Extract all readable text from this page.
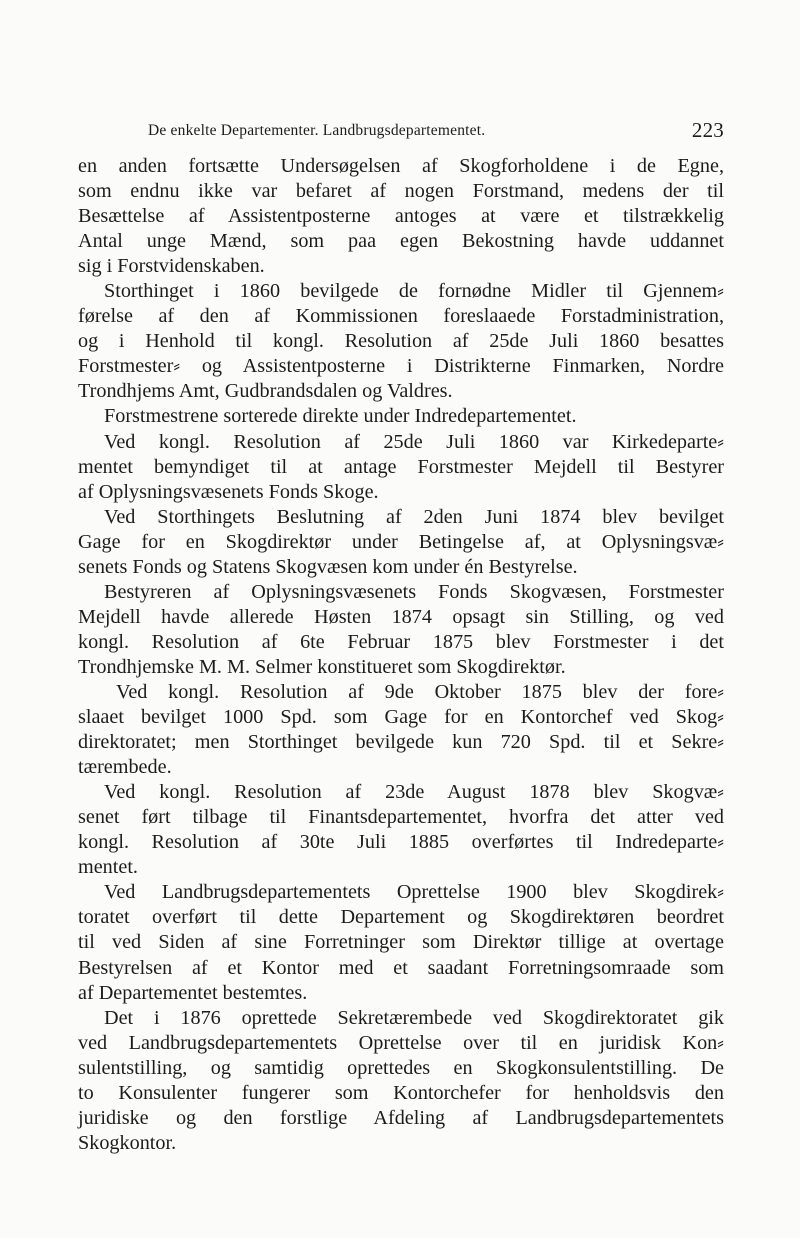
De enkelte Departementer. Landbrugsdepartementet.	223

en anden fortsætte Undersøgelsen af Skogforholdene i de Egne,
som endnu ikke var befaret af nogen Forstmand, medens der til
Besættelse af Assistentposterne antoges at være et tilstrækkelig
Antal unge Mænd, som paa egen Bekostning havde uddannet
sig i Forstvidenskaben.

Storthinget i 1860 bevilgede de fornødne Midler til Gjennem⸗
førelse af den af Kommissionen foreslaaede Forstadministration,
og i Henhold til kongl. Resolution af 25de Juli 1860 besattes
Forstmester⸗ og Assistentposterne i Distrikterne Finmarken, Nordre
Trondhjems Amt, Gudbrandsdalen og Valdres.

Forstmestrene sorterede direkte under Indredepartementet.

Ved kongl. Resolution af 25de Juli 1860 var Kirkedeparte⸗
mentet bemyndiget til at antage Forstmester Mejdell til Bestyrer
af Oplysningsvæsenets Fonds Skoge.

Ved Storthingets Beslutning af 2den Juni 1874 blev bevilget
Gage for en Skogdirektør under Betingelse af, at Oplysningsvæ⸗
senets Fonds og Statens Skogvæsen kom under én Bestyrelse.

Bestyreren af Oplysningsvæsenets Fonds Skogvæsen, Forstmester
Mejdell havde allerede Høsten 1874 opsagt sin Stilling, og ved
kongl. Resolution af 6te Februar 1875 blev Forstmester i det
Trondhjemske M. M. Selmer konstitueret som Skogdirektør.

Ved kongl. Resolution af 9de Oktober 1875 blev der fore⸗
slaaet bevilget 1000 Spd. som Gage for en Kontorchef ved Skog⸗
direktoratet; men Storthinget bevilgede kun 720 Spd. til et Sekre⸗
tærembede.

Ved kongl. Resolution af 23de August 1878 blev Skogvæ⸗
senet ført tilbage til Finantsdepartementet, hvorfra det atter ved
kongl. Resolution af 30te Juli 1885 overførtes til Indredeparte⸗
mentet.

Ved Landbrugsdepartementets Oprettelse 1900 blev Skogdirek⸗
toratet overført til dette Departement og Skogdirektøren beordret
til ved Siden af sine Forretninger som Direktør tillige at overtage
Bestyrelsen af et Kontor med et saadant Forretningsomraade som
af Departementet bestemtes.

Det i 1876 oprettede Sekretærembede ved Skogdirektoratet gik
ved Landbrugsdepartementets Oprettelse over til en juridisk Kon⸗
sulentstilling, og samtidig oprettedes en Skogkonsulentstilling. De
to Konsulenter fungerer som Kontorchefer for henholdsvis den
juridiske og den forstlige Afdeling af Landbrugsdepartementets
Skogkontor.
